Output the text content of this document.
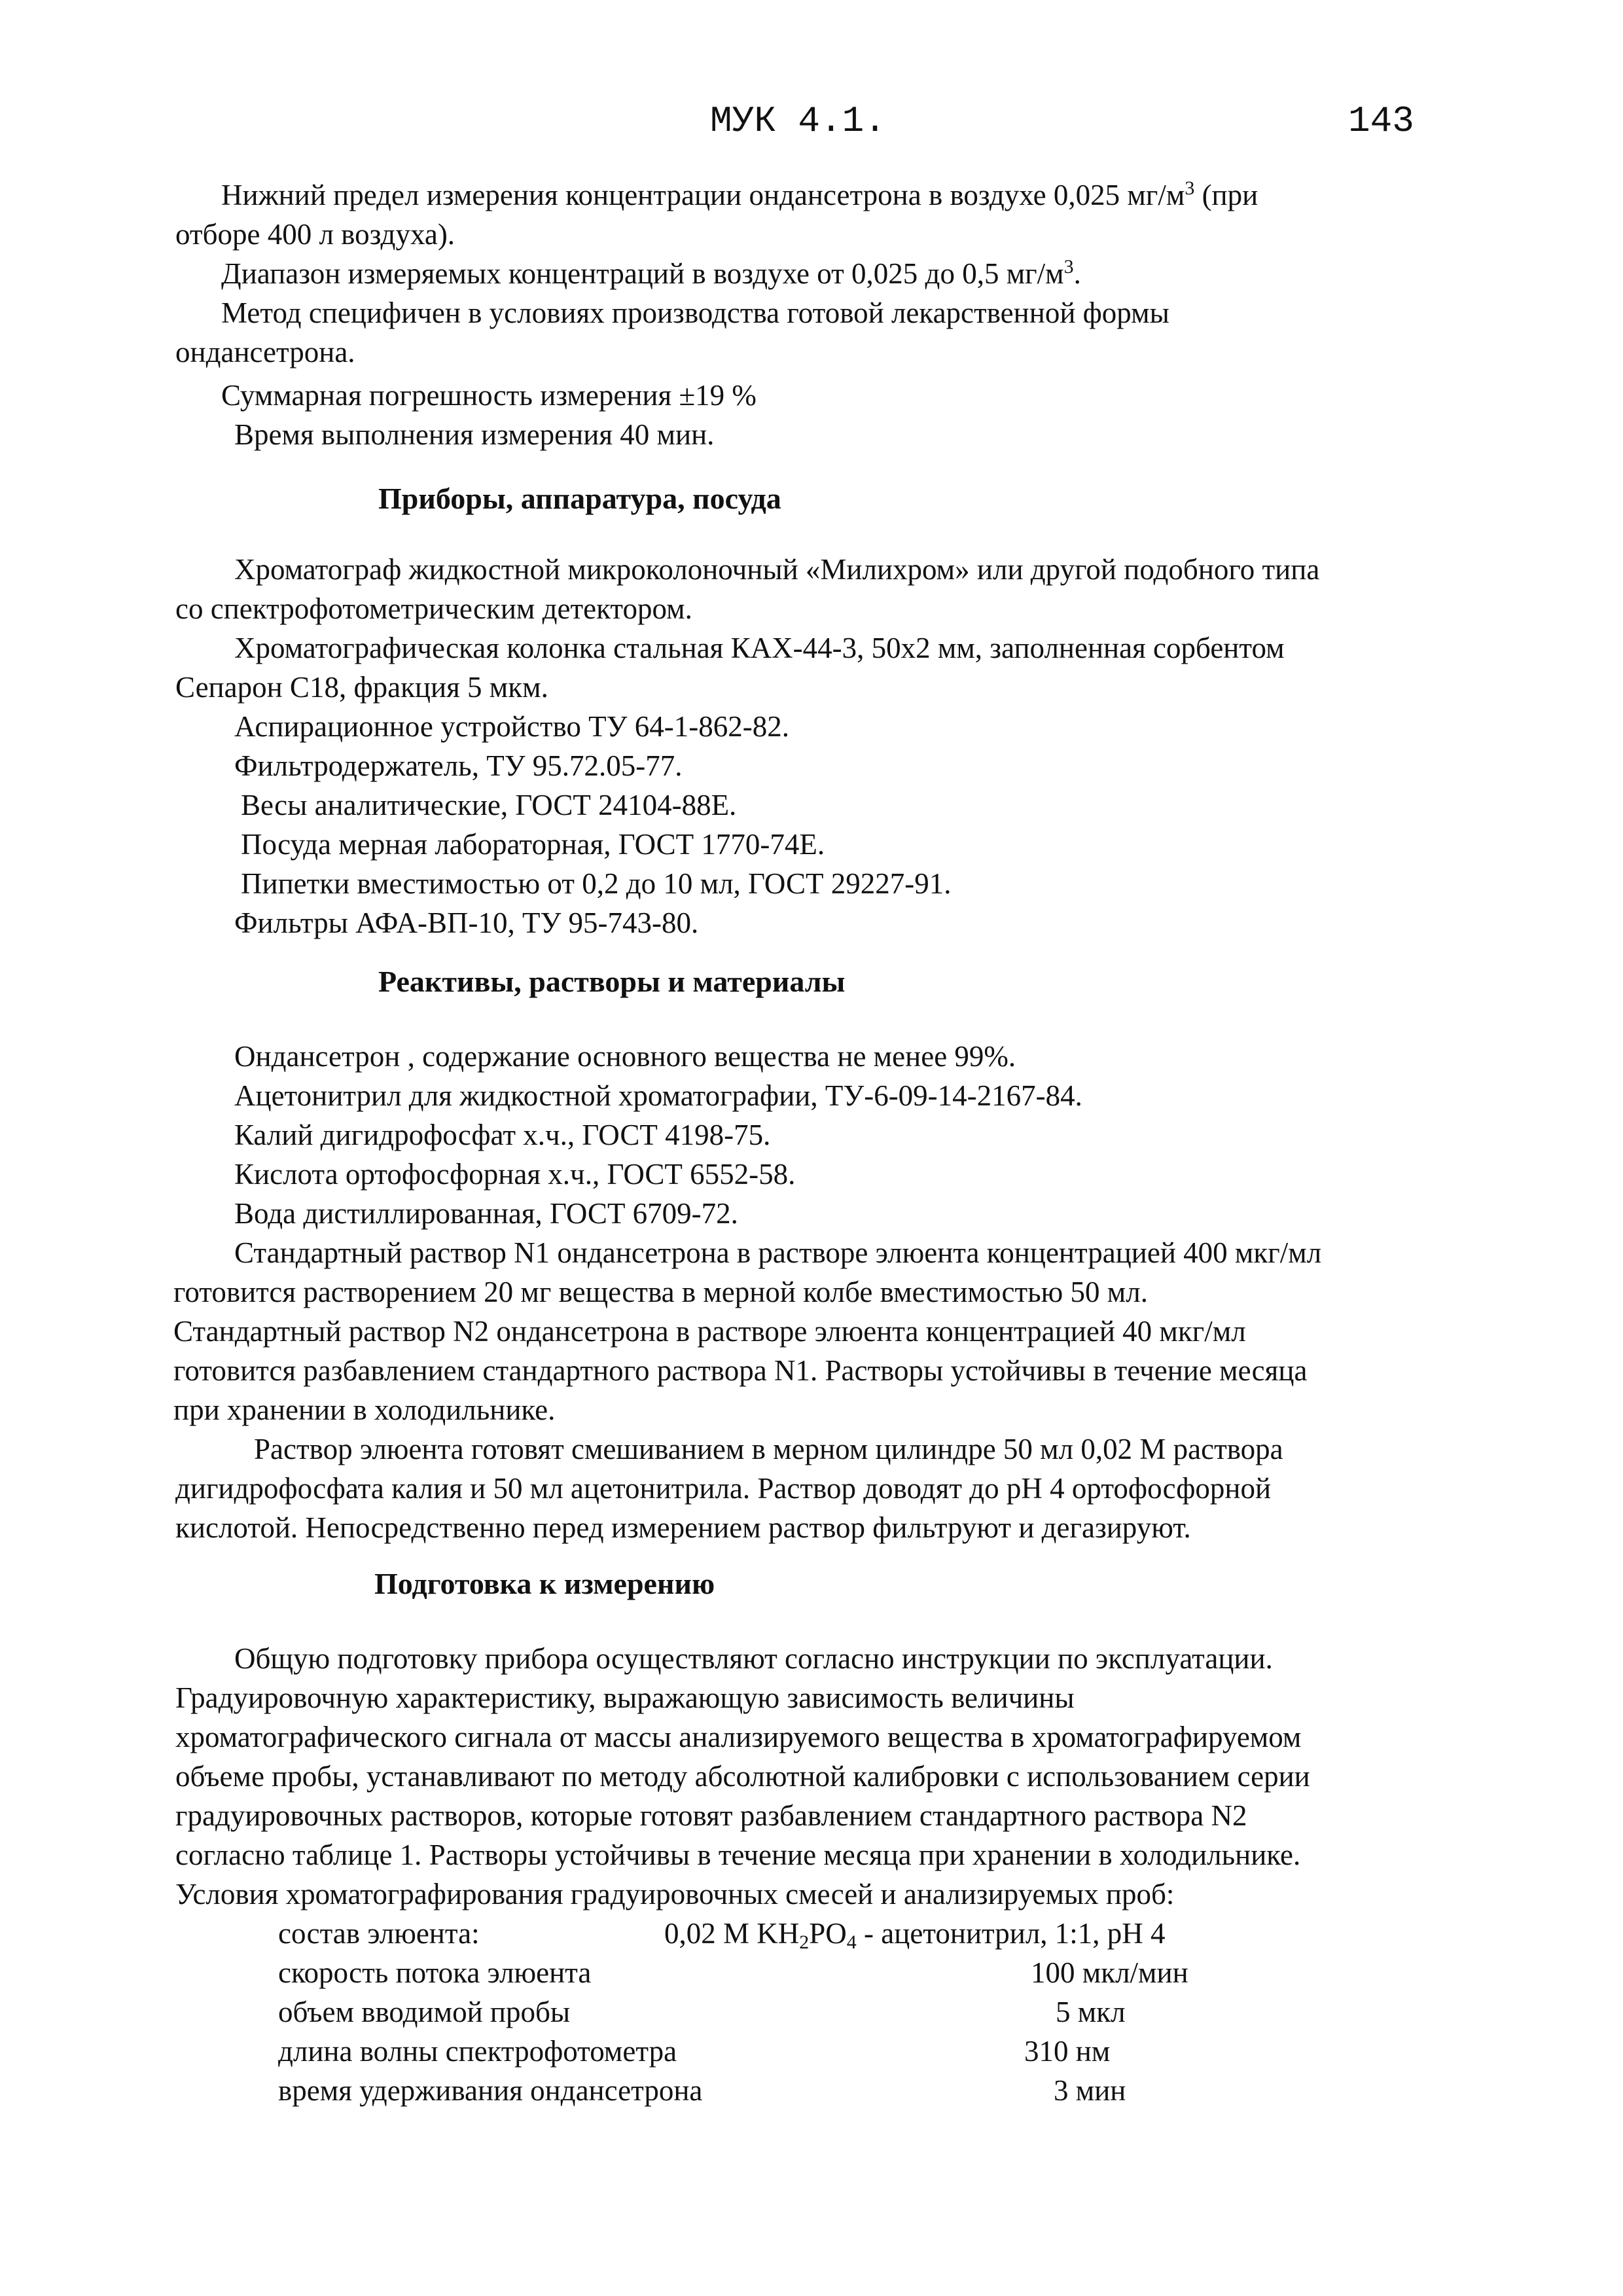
МУК 4.1.	143

Нижний предел измерения концентрации ондансетрона в воздухе 0,025 $мг/м^3$ (при

отборе 400 л воздуха).

Диапазон измеряемых концентраций в воздухе от 0,025 до 0,5 $мг/м^3$.

Метод специфичен в условиях производства готовой лекарственной формы

ондансетрона.

Суммарная погрешность измерения ±19 %

Время выполнения измерения 40 мин.

Приборы, аппаратура, посуда

Хроматограф жидкостной микроколоночный «Милихром» или другой подобного типа

со спектрофотометрическим детектором.

Хроматографическая колонка стальная КАХ-44-3, 50х2 мм, заполненная сорбентом

Сепарон С18, фракция 5 мкм.

Аспирационное устройство ТУ 64-1-862-82.

Фильтродержатель, ТУ 95.72.05-77.

Весы аналитические, ГОСТ 24104-88Е.

Посуда мерная лабораторная, ГОСТ 1770-74Е.

Пипетки вместимостью от 0,2 до 10 мл, ГОСТ 29227-91.

Фильтры АФА-ВП-10, ТУ 95-743-80.

Реактивы, растворы и материалы

Ондансетрон , содержание основного вещества не менее 99%.

Ацетонитрил для жидкостной хроматографии, ТУ-6-09-14-2167-84.

Калий дигидрофосфат х.ч., ГОСТ 4198-75.

Кислота ортофосфорная х.ч., ГОСТ 6552-58.

Вода дистиллированная, ГОСТ 6709-72.

Стандартный раствор N1 ондансетрона в растворе элюента концентрацией 400 мкг/мл

готовится растворением 20 мг вещества в мерной колбе вместимостью 50 мл.

Стандартный раствор N2 ондансетрона в растворе элюента концентрацией 40 мкг/мл

готовится разбавлением стандартного раствора N1. Растворы устойчивы в течение месяца

при хранении в холодильнике.

Раствор элюента готовят смешиванием в мерном цилиндре 50 мл 0,02 М раствора

дигидрофосфата калия и 50 мл ацетонитрила. Раствор доводят до рН 4 ортофосфорной

кислотой. Непосредственно перед измерением раствор фильтруют и дегазируют.

Подготовка к измерению

Общую подготовку прибора осуществляют согласно инструкции по эксплуатации.

Градуировочную характеристику, выражающую зависимость величины

хроматографического сигнала от массы анализируемого вещества в хроматографируемом

объеме пробы, устанавливают по методу абсолютной калибровки с использованием серии

градуировочных растворов, которые готовят разбавлением стандартного раствора N2

согласно таблице 1. Растворы устойчивы в течение месяца при хранении в холодильнике.

Условия хроматографирования градуировочных смесей и анализируемых проб:

состав элюента:	0,02 М $KH_2PO_4$ - ацетонитрил, 1:1, рН 4
скорость потока элюента	100 мкл/мин
объем вводимой пробы	5 мкл
длина волны спектрофотометра	310 нм
время удерживания ондансетрона	3 мин
